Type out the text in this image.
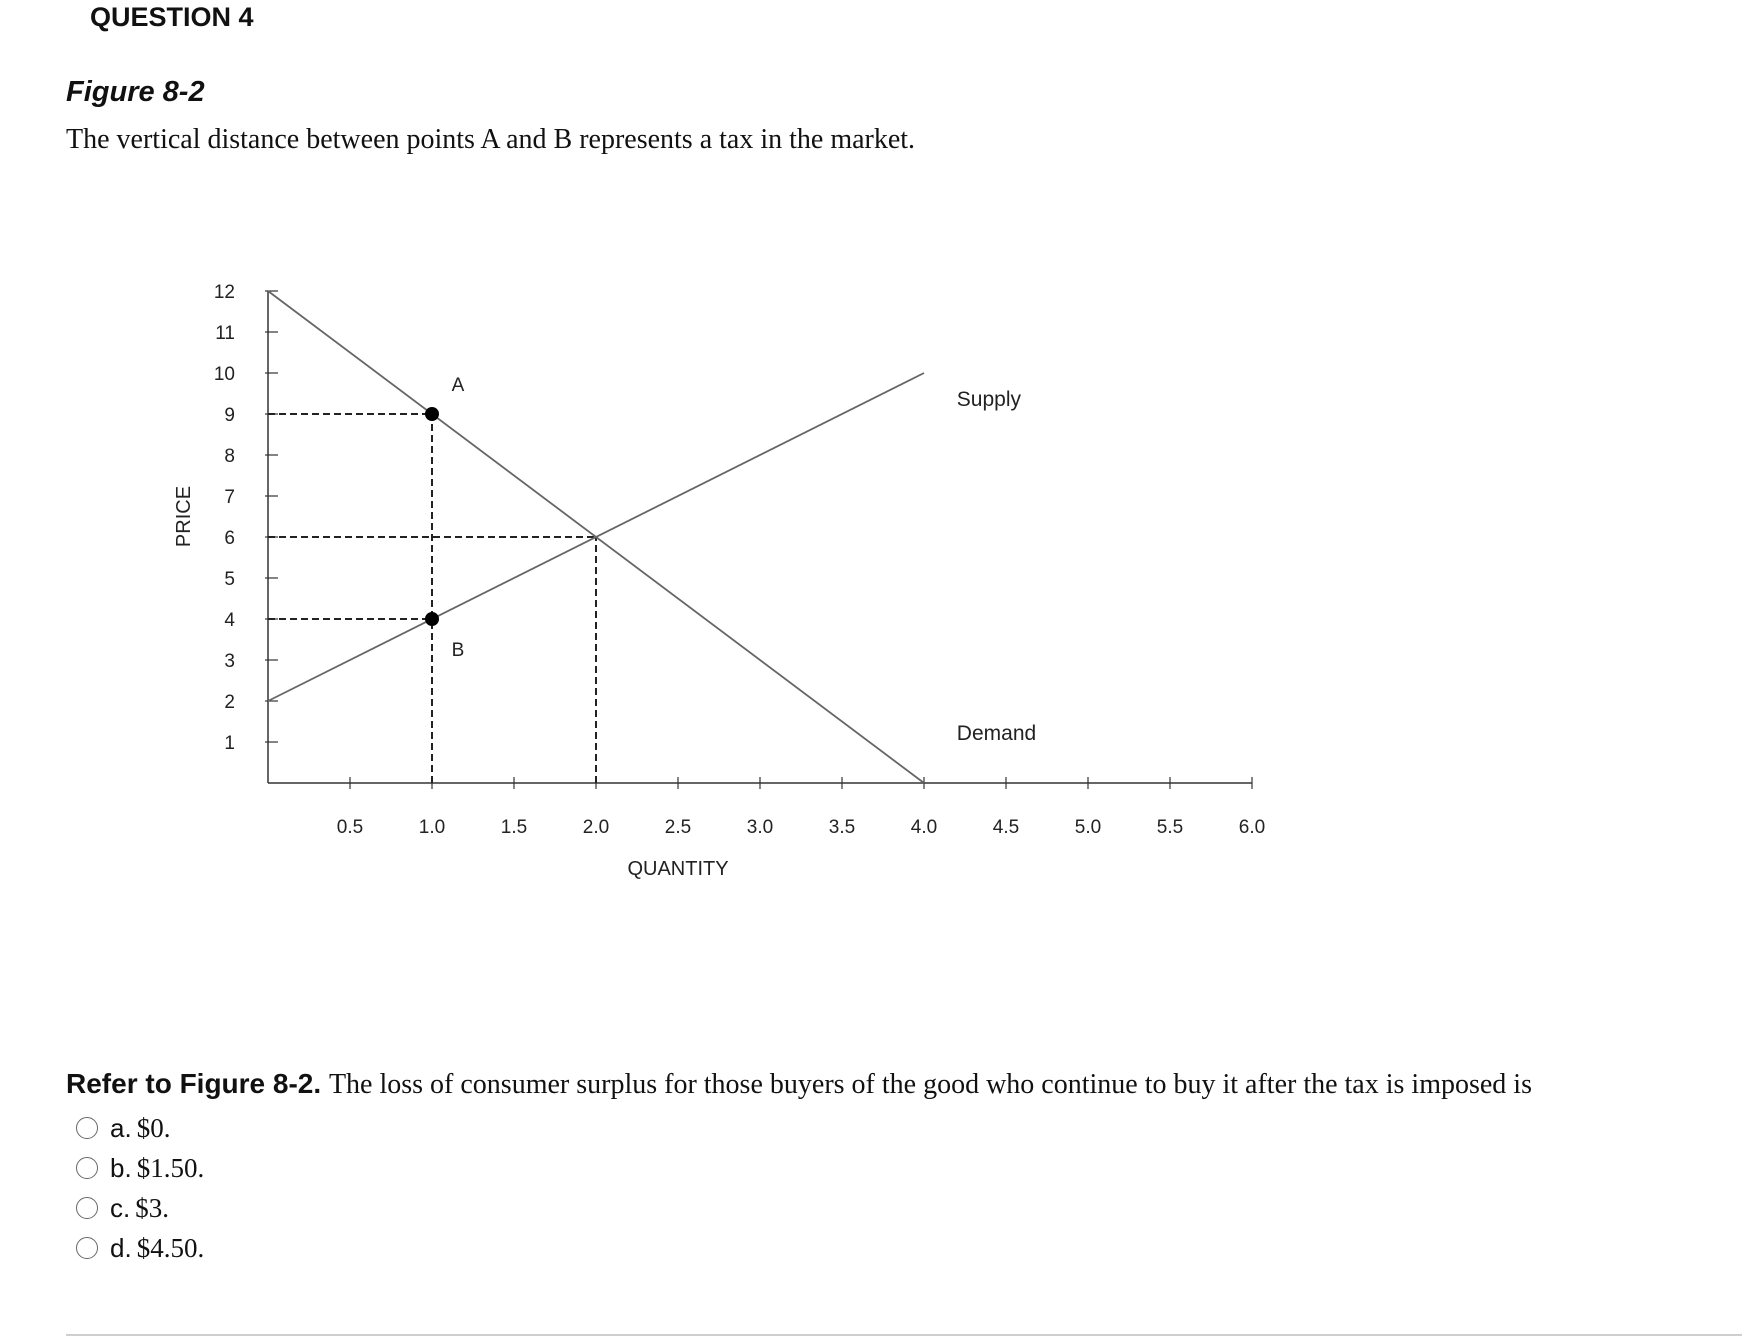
QUESTION 4
Figure 8-2

The vertical distance between points A and B represents a tax in the market.

1
2
3
4
5
6
7
8
9
10
11
12
0.5	1.0	1.5	2.0	2.5	3.0	3.5	4.0	4.5	5.0	5.5	6.0
QUANTITY
PRICE
Demand
Supply
A
B

Refer to Figure 8-2. The loss of consumer surplus for those buyers of the good who continue to buy it after the tax is imposed is

a. $0.
b. $1.50.
c. $3.
d. $4.50.
